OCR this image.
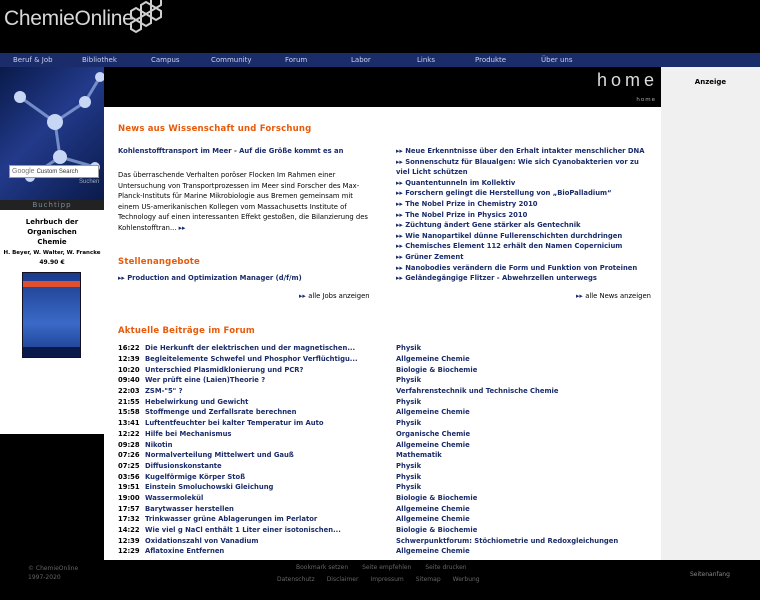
ChemieOnline
Beruf & Job	Bibliothek	Campus	Community	Forum	Labor	Links	Produkte	Über uns
Google Custom Search
Suchen
Buchtipp
Lehrbuch der Organischen
Chemie
H. Beyer, W. Walter, W. Francke
49.90 €
home
home
News aus Wissenschaft und Forschung
Kohlenstofftransport im Meer - Auf die Größe kommt es an
Das überraschende Verhalten poröser Flocken Im Rahmen einer Untersuchung von Transportprozessen im Meer sind Forscher des Max-Planck-Instituts für Marine Mikrobiologie aus Bremen gemeinsam mit einem US-amerikanischen Kollegen vom Massachusetts Institute of Technology auf einen interessanten Effekt gestoßen, die Bilanzierung des Kohlenstofftran... ▸▸
▸▸ Neue Erkenntnisse über den Erhalt intakter menschlicher DNA
▸▸ Sonnenschutz für Blaualgen: Wie sich Cyanobakterien vor zu viel Licht schützen
▸▸ Quantentunneln im Kollektiv
▸▸ Forschern gelingt die Herstellung von „BioPalladium“
▸▸ The Nobel Prize in Chemistry 2010
▸▸ The Nobel Prize in Physics 2010
▸▸ Züchtung ändert Gene stärker als Gentechnik
▸▸ Wie Nanopartikel dünne Fullerenschichten durchdringen
▸▸ Chemisches Element 112 erhält den Namen Copernicium
▸▸ Grüner Zement
▸▸ Nanobodies verändern die Form und Funktion von Proteinen
▸▸ Geländegängige Flitzer - Abwehrzellen unterwegs
Stellenangebote
▸▸ Production and Optimization Manager (d/f/m)
▸▸ alle Jobs anzeigen	▸▸ alle News anzeigen
Aktuelle Beiträge im Forum
16:22 Die Herkunft der elektrischen und der magnetischen...	Physik
12:39 Begleitelemente Schwefel und Phosphor Verflüchtigu...	Allgemeine Chemie
10:20 Unterschied Plasmidklonierung und PCR?	Biologie & Biochemie
09:40 Wer prüft eine (Laien)Theorie ?	Physik
22:03 ZSM-"5" ?	Verfahrenstechnik und Technische Chemie
21:55 Hebelwirkung und Gewicht	Physik
15:58 Stoffmenge und Zerfallsrate berechnen	Allgemeine Chemie
13:41 Luftentfeuchter bei kalter Temperatur im Auto	Physik
12:22 Hilfe bei Mechanismus	Organische Chemie
09:28 Nikotin	Allgemeine Chemie
07:26 Normalverteilung Mittelwert und Gauß	Mathematik
07:25 Diffusionskonstante	Physik
03:56 Kugelförmige Körper Stoß	Physik
19:51 Einstein Smoluchowski Gleichung	Physik
19:00 Wassermolekül	Biologie & Biochemie
17:57 Barytwasser herstellen	Allgemeine Chemie
17:32 Trinkwasser grüne Ablagerungen im Perlator	Allgemeine Chemie
14:22 Wie viel g NaCl enthält 1 Liter einer isotonischen...	Biologie & Biochemie
12:39 Oxidationszahl von Vanadium	Schwerpunktforum: Stöchiometrie und Redoxgleichungen
12:29 Aflatoxine Entfernen	Allgemeine Chemie
Anzeige
© ChemieOnline
1997-2020
Bookmark setzen Seite empfehlen Seite drucken
Datenschutz Disclaimer Impressum Sitemap Werbung
Seitenanfang
